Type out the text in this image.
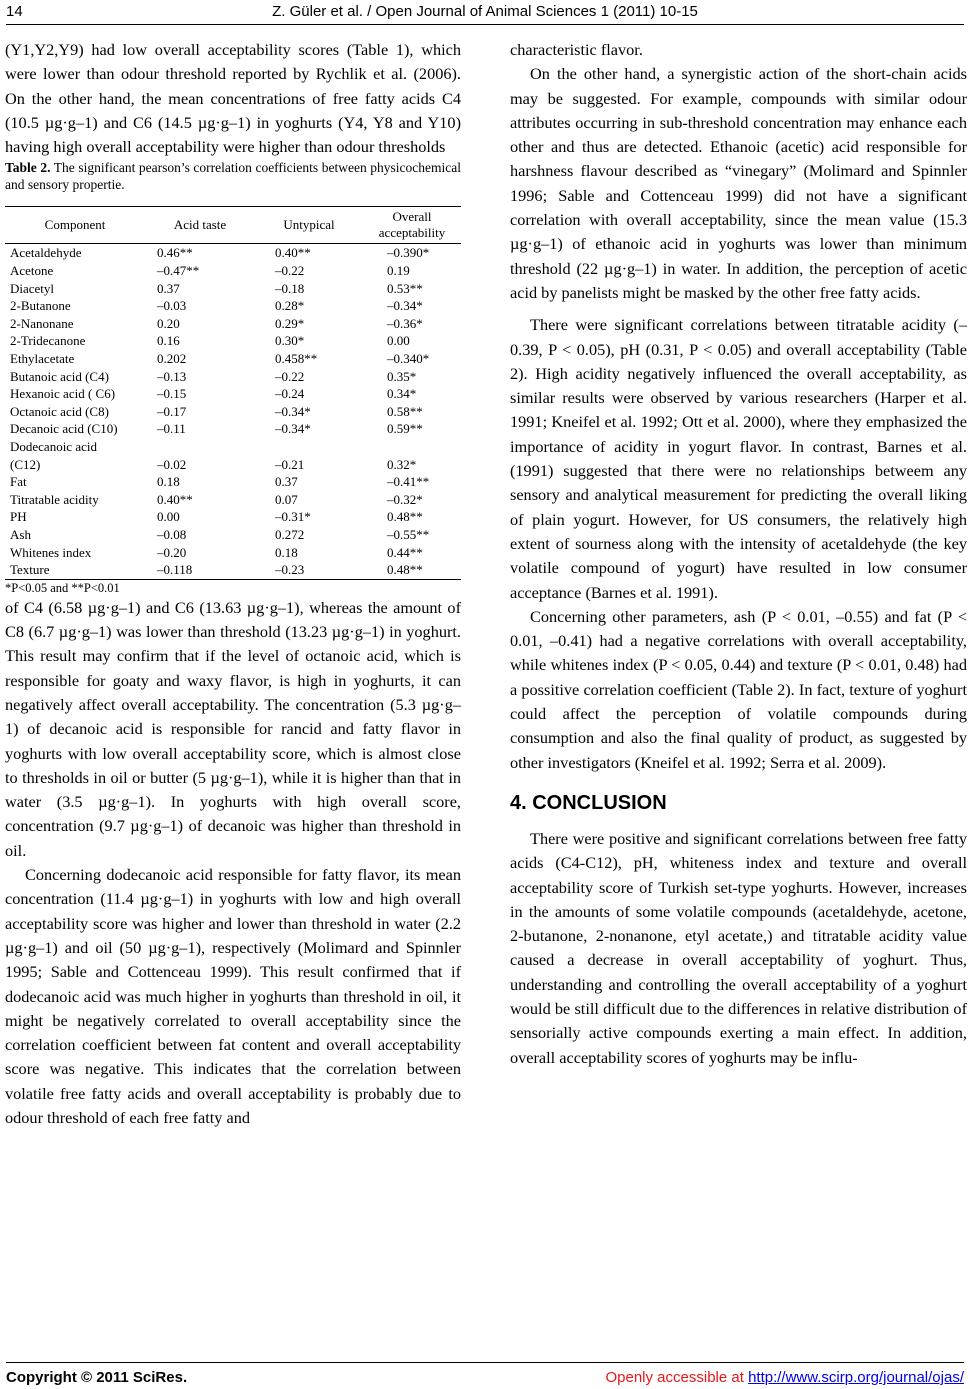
14	Z. Güler et al. / Open Journal of Animal Sciences 1 (2011) 10-15

(Y1,Y2,Y9) had low overall acceptability scores (Table 1), which were lower than odour threshold reported by Rychlik et al. (2006). On the other hand, the mean concentrations of free fatty acids C4 (10.5 µg·g–1) and C6 (14.5 µg·g–1) in yoghurts (Y4, Y8 and Y10) having high overall acceptability were higher than odour thresholds

Table 2. The significant pearson’s correlation coefficients between physicochemical and sensory propertie.

Component	Acid taste	Untypical	Overall acceptability
Acetaldehyde	0.46**	0.40**	–0.390*
Acetone	–0.47**	–0.22	0.19
Diacetyl	0.37	–0.18	0.53**
2-Butanone	–0.03	0.28*	–0.34*
2-Nanonane	0.20	0.29*	–0.36*
2-Tridecanone	0.16	0.30*	0.00
Ethylacetate	0.202	0.458**	–0.340*
Butanoic acid (C4)	–0.13	–0.22	0.35*
Hexanoic acid ( C6)	–0.15	–0.24	0.34*
Octanoic acid (C8)	–0.17	–0.34*	0.58**
Decanoic acid (C10)	–0.11	–0.34*	0.59**
Dodecanoic acid			
(C12)	–0.02	–0.21	0.32*
Fat	0.18	0.37	–0.41**
Titratable acidity	0.40**	0.07	–0.32*
PH	0.00	–0.31*	0.48**
Ash	–0.08	0.272	–0.55**
Whitenes index	–0.20	0.18	0.44**
Texture	–0.118	–0.23	0.48**

*P<0.05 and **P<0.01

of C4 (6.58 µg·g–1) and C6 (13.63 µg·g–1), whereas the amount of C8 (6.7 µg·g–1) was lower than threshold (13.23 µg·g–1) in yoghurt. This result may confirm that if the level of octanoic acid, which is responsible for goaty and waxy flavor, is high in yoghurts, it can negatively affect overall acceptability. The concentration (5.3 µg·g–1) of decanoic acid is responsible for rancid and fatty flavor in yoghurts with low overall acceptability score, which is almost close to thresholds in oil or butter (5 µg·g–1), while it is higher than that in water (3.5 µg·g–1). In yoghurts with high overall score, concentration (9.7 µg·g–1) of decanoic was higher than threshold in oil.

Concerning dodecanoic acid responsible for fatty flavor, its mean concentration (11.4 µg·g–1) in yoghurts with low and high overall acceptability score was higher and lower than threshold in water (2.2 µg·g–1) and oil (50 µg·g–1), respectively (Molimard and Spinnler 1995; Sable and Cottenceau 1999). This result confirmed that if dodecanoic acid was much higher in yoghurts than threshold in oil, it might be negatively correlated to overall acceptability since the correlation coefficient between fat content and overall acceptability score was negative. This indicates that the correlation between volatile free fatty acids and overall acceptability is probably due to odour threshold of each free fatty and

characteristic flavor.

On the other hand, a synergistic action of the short-chain acids may be suggested. For example, compounds with similar odour attributes occurring in sub-threshold concentration may enhance each other and thus are detected. Ethanoic (acetic) acid responsible for harshness flavour described as “vinegary” (Molimard and Spinnler 1996; Sable and Cottenceau 1999) did not have a significant correlation with overall acceptability, since the mean value (15.3 µg·g–1) of ethanoic acid in yoghurts was lower than minimum threshold (22 µg·g–1) in water. In addition, the perception of acetic acid by panelists might be masked by the other free fatty acids.

There were significant correlations between titratable acidity (–0.39, P < 0.05), pH (0.31, P < 0.05) and overall acceptability (Table 2). High acidity negatively influenced the overall acceptability, as similar results were observed by various researchers (Harper et al. 1991; Kneifel et al. 1992; Ott et al. 2000), where they emphasized the importance of acidity in yogurt flavor. In contrast, Barnes et al. (1991) suggested that there were no relationships betweem any sensory and analytical measurement for predicting the overall liking of plain yogurt. However, for US consumers, the relatively high extent of sourness along with the intensity of acetaldehyde (the key volatile compound of yogurt) have resulted in low consumer acceptance (Barnes et al. 1991).

Concerning other parameters, ash (P < 0.01, –0.55) and fat (P < 0.01, –0.41) had a negative correlations with overall acceptability, while whitenes index (P < 0.05, 0.44) and texture (P < 0.01, 0.48) had a possitive correlation coefficient (Table 2). In fact, texture of yoghurt could affect the perception of volatile compounds during consumption and also the final quality of product, as suggested by other investigators (Kneifel et al. 1992; Serra et al. 2009).

4. CONCLUSION

There were positive and significant correlations between free fatty acids (C4-C12), pH, whiteness index and texture and overall acceptability score of Turkish set-type yoghurts. However, increases in the amounts of some volatile compounds (acetaldehyde, acetone, 2-butanone, 2-nonanone, etyl acetate,) and titratable acidity value caused a decrease in overall acceptability of yoghurt. Thus, understanding and controlling the overall acceptability of a yoghurt would be still difficult due to the differences in relative distribution of sensorially active compounds exerting a main effect. In addition, overall acceptability scores of yoghurts may be influ-

Copyright © 2011 SciRes.	Openly accessible at http://www.scirp.org/journal/ojas/
